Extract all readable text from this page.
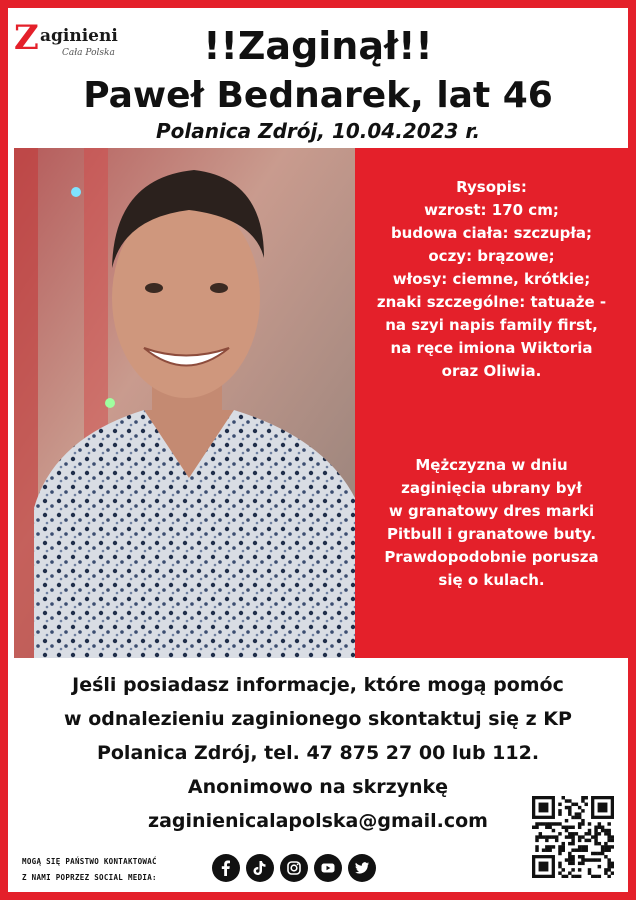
Z aginieni
Cała Polska	!!Zaginął!!
Paweł Bednarek, lat 46
Polanica Zdrój, 10.04.2023 r.
Rysopis:
wzrost: 170 cm;
budowa ciała: szczupła;
oczy: brązowe;
włosy: ciemne, krótkie;
znaki szczególne: tatuaże -
na szyi napis family first,
na ręce imiona Wiktoria
oraz Oliwia.
Mężczyzna w dniu
zaginięcia ubrany był
w granatowy dres marki
Pitbull i granatowe buty.
Prawdopodobnie porusza
się o kulach.
Jeśli posiadasz informacje, które mogą pomóc
w odnalezieniu zaginionego skontaktuj się z KP
Polanica Zdrój, tel. 47 875 27 00 lub 112.
Anonimowo na skrzynkę
zaginienicalapolska@gmail.com
MOGĄ SIĘ PAŃSTWO KONTAKTOWAĆ
Z NAMI POPRZEZ SOCIAL MEDIA:
